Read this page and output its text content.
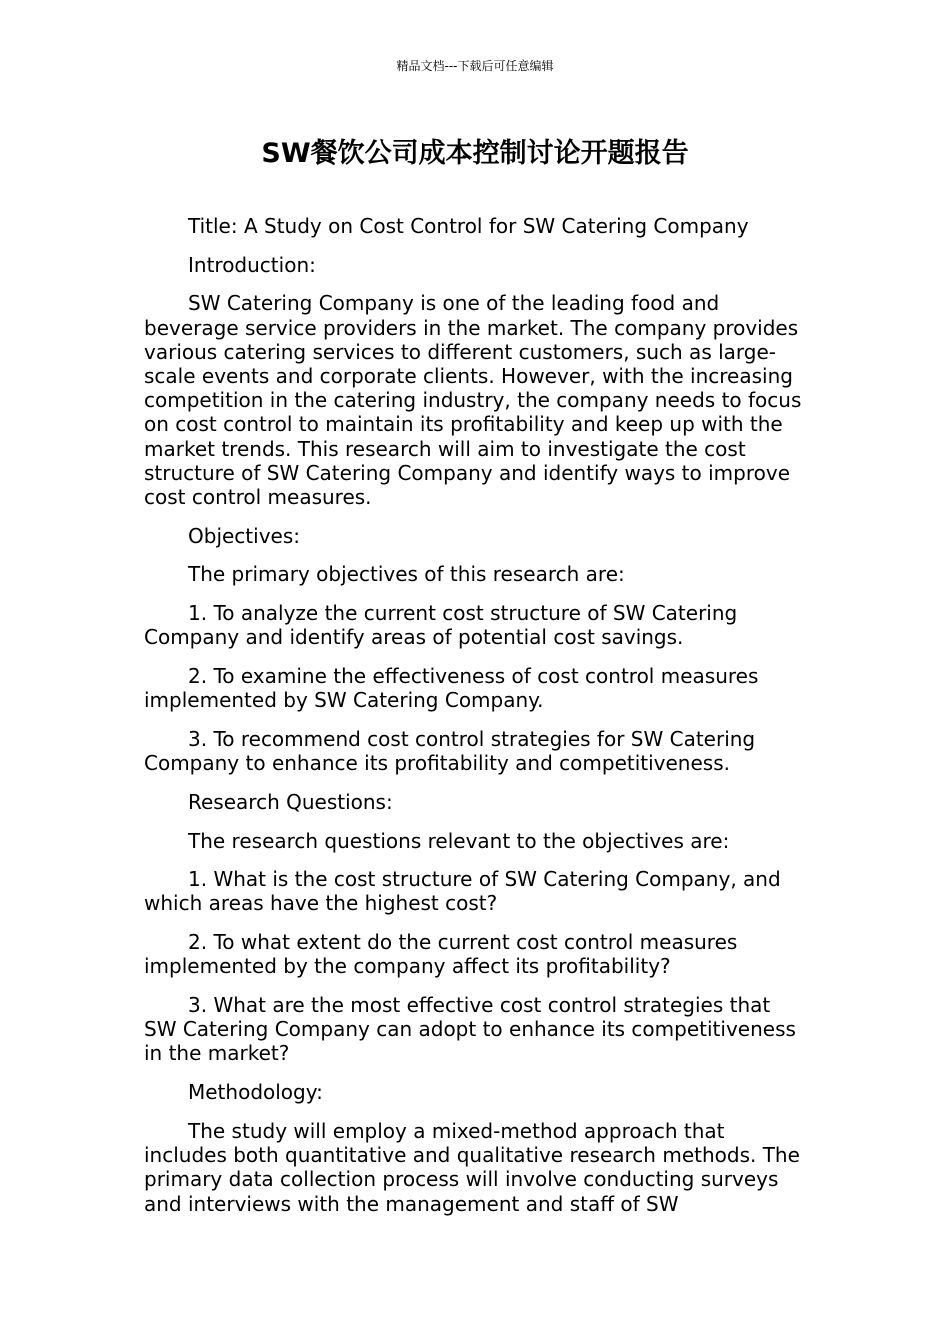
精品文档---下载后可任意编辑
SW餐饮公司成本控制讨论开题报告

Title: A Study on Cost Control for SW Catering Company

Introduction:

SW Catering Company is one of the leading food and beverage service providers in the market. The company provides various catering services to different customers, such as large-scale events and corporate clients. However, with the increasing competition in the catering industry, the company needs to focus on cost control to maintain its profitability and keep up with the market trends. This research will aim to investigate the cost structure of SW Catering Company and identify ways to improve cost control measures.

Objectives:

The primary objectives of this research are:

1. To analyze the current cost structure of SW Catering Company and identify areas of potential cost savings.

2. To examine the effectiveness of cost control measures implemented by SW Catering Company.

3. To recommend cost control strategies for SW Catering Company to enhance its profitability and competitiveness.

Research Questions:

The research questions relevant to the objectives are:

1. What is the cost structure of SW Catering Company, and which areas have the highest cost?

2. To what extent do the current cost control measures implemented by the company affect its profitability?

3. What are the most effective cost control strategies that SW Catering Company can adopt to enhance its competitiveness in the market?

Methodology:

The study will employ a mixed-method approach that includes both quantitative and qualitative research methods. The primary data collection process will involve conducting surveys and interviews with the management and staff of SW
